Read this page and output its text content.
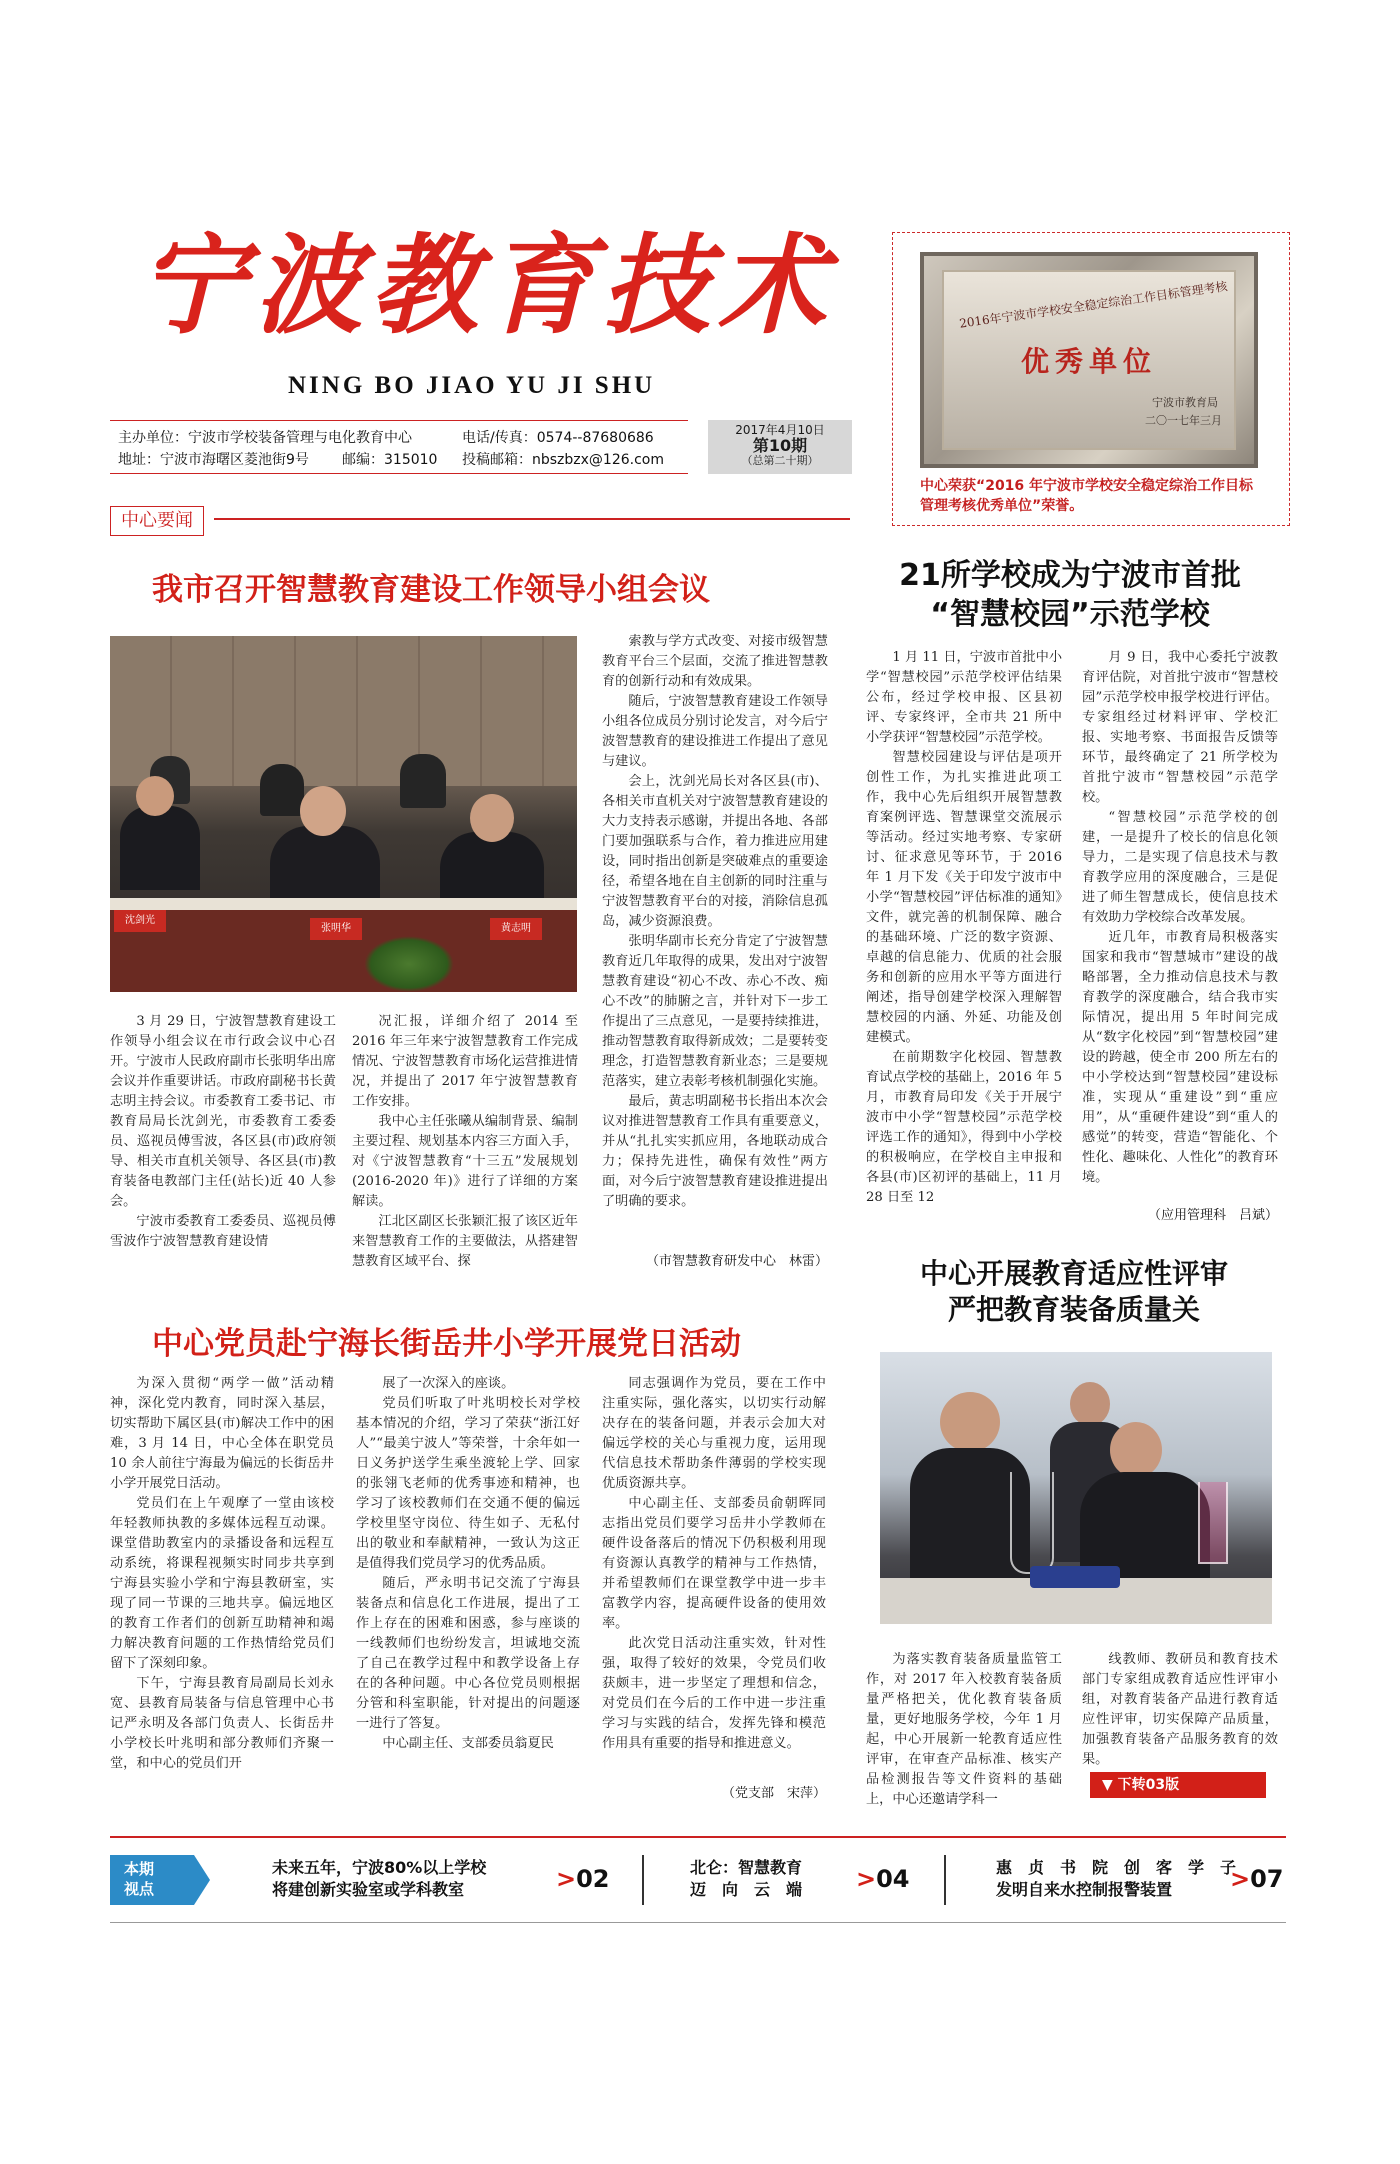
宁波教育技术
NING BO JIAO YU JI SHU
主办单位：宁波市学校装备管理与电化教育中心
地址：宁波市海曙区菱池街9号 邮编：315010
电话/传真：0574--87680686
投稿邮箱：nbszbzx@126.com
2017年4月10日
第10期
（总第二十期）
2016年宁波市学校安全稳定综治工作目标管理考核
优秀单位
宁波市教育局
二〇一七年三月
中心荣获“2016 年宁波市学校安全稳定综治工作目标管理考核优秀单位”荣誉。
中心要闻
我市召开智慧教育建设工作领导小组会议
沈剑光
张明华	黄志明

3 月 29 日，宁波智慧教育建设工作领导小组会议在市行政会议中心召开。宁波市人民政府副市长张明华出席会议并作重要讲话。市政府副秘书长黄志明主持会议。市委教育工委书记、市教育局局长沈剑光，市委教育工委委员、巡视员傅雪波，各区县(市)政府领导、相关市直机关领导、各区县(市)教育装备电教部门主任(站长)近 40 人参会。

宁波市委教育工委委员、巡视员傅雪波作宁波智慧教育建设情

况汇报，详细介绍了 2014 至 2016 年三年来宁波智慧教育工作完成情况、宁波智慧教育市场化运营推进情况，并提出了 2017 年宁波智慧教育工作安排。

我中心主任张曦从编制背景、编制主要过程、规划基本内容三方面入手，对《宁波智慧教育“十三五”发展规划(2016-2020 年)》进行了详细的方案解读。

江北区副区长张颖汇报了该区近年来智慧教育工作的主要做法，从搭建智慧教育区域平台、探

索教与学方式改变、对接市级智慧教育平台三个层面，交流了推进智慧教育的创新行动和有效成果。

随后，宁波智慧教育建设工作领导小组各位成员分别讨论发言，对今后宁波智慧教育的建设推进工作提出了意见与建议。

会上，沈剑光局长对各区县(市)、各相关市直机关对宁波智慧教育建设的大力支持表示感谢，并提出各地、各部门要加强联系与合作，着力推进应用建设，同时指出创新是突破难点的重要途径，希望各地在自主创新的同时注重与宁波智慧教育平台的对接，消除信息孤岛，减少资源浪费。

张明华副市长充分肯定了宁波智慧教育近几年取得的成果，发出对宁波智慧教育建设“初心不改、赤心不改、痴心不改”的肺腑之言，并针对下一步工作提出了三点意见，一是要持续推进，推动智慧教育取得新成效；二是要转变理念，打造智慧教育新业态；三是要规范落实，建立表彰考核机制强化实施。

最后，黄志明副秘书长指出本次会议对推进智慧教育工作具有重要意义，并从“扎扎实实抓应用，各地联动成合力；保持先进性，确保有效性”两方面，对今后宁波智慧教育建设推进提出了明确的要求。

（市智慧教育研发中心　林雷）
21所学校成为宁波市首批
“智慧校园”示范学校

1 月 11 日，宁波市首批中小学“智慧校园”示范学校评估结果公布，经过学校申报、区县初评、专家终评，全市共 21 所中小学获评“智慧校园”示范学校。

智慧校园建设与评估是项开创性工作，为扎实推进此项工作，我中心先后组织开展智慧教育案例评选、智慧课堂交流展示等活动。经过实地考察、专家研讨、征求意见等环节，于 2016 年 1 月下发《关于印发宁波市中小学“智慧校园”评估标准的通知》文件，就完善的机制保障、融合的基础环境、广泛的数字资源、卓越的信息能力、优质的社会服务和创新的应用水平等方面进行阐述，指导创建学校深入理解智慧校园的内涵、外延、功能及创建模式。

在前期数字化校园、智慧教育试点学校的基础上，2016 年 5 月，市教育局印发《关于开展宁波市中小学“智慧校园”示范学校评选工作的通知》，得到中小学校的积极响应，在学校自主申报和各县(市)区初评的基础上，11 月 28 日至 12

月 9 日，我中心委托宁波教育评估院，对首批宁波市“智慧校园”示范学校申报学校进行评估。专家组经过材料评审、学校汇报、实地考察、书面报告反馈等环节，最终确定了 21 所学校为首批宁波市“智慧校园”示范学校。

“智慧校园”示范学校的创建，一是提升了校长的信息化领导力，二是实现了信息技术与教育教学应用的深度融合，三是促进了师生智慧成长，使信息技术有效助力学校综合改革发展。

近几年，市教育局积极落实国家和我市“智慧城市”建设的战略部署，全力推动信息技术与教育教学的深度融合，结合我市实际情况，提出用 5 年时间完成从“数字化校园”到“智慧校园”建设的跨越，使全市 200 所左右的中小学校达到“智慧校园”建设标准，实现从“重建设”到“重应用”，从“重硬件建设”到“重人的感觉”的转变，营造“智能化、个性化、趣味化、人性化”的教育环境。

（应用管理科　吕斌）
中心党员赴宁海长街岳井小学开展党日活动

为深入贯彻“两学一做”活动精神，深化党内教育，同时深入基层，切实帮助下属区县(市)解决工作中的困难，3 月 14 日，中心全体在职党员 10 余人前往宁海最为偏远的长街岳井小学开展党日活动。

党员们在上午观摩了一堂由该校年轻教师执教的多媒体远程互动课。课堂借助教室内的录播设备和远程互动系统，将课程视频实时同步共享到宁海县实验小学和宁海县教研室，实现了同一节课的三地共享。偏远地区的教育工作者们的创新互助精神和竭力解决教育问题的工作热情给党员们留下了深刻印象。

下午，宁海县教育局副局长刘永宽、县教育局装备与信息管理中心书记严永明及各部门负责人、长街岳井小学校长叶兆明和部分教师们齐聚一堂，和中心的党员们开

展了一次深入的座谈。

党员们听取了叶兆明校长对学校基本情况的介绍，学习了荣获“浙江好人”“最美宁波人”等荣誉，十余年如一日义务护送学生乘坐渡轮上学、回家的张翎飞老师的优秀事迹和精神，也学习了该校教师们在交通不便的偏远学校里坚守岗位、待生如子、无私付出的敬业和奉献精神，一致认为这正是值得我们党员学习的优秀品质。

随后，严永明书记交流了宁海县装备点和信息化工作进展，提出了工作上存在的困难和困惑，参与座谈的一线教师们也纷纷发言，坦诚地交流了自己在教学过程中和教学设备上存在的各种问题。中心各位党员则根据分管和科室职能，针对提出的问题逐一进行了答复。

中心副主任、支部委员翁夏民

同志强调作为党员，要在工作中注重实际，强化落实，以切实行动解决存在的装备问题，并表示会加大对偏远学校的关心与重视力度，运用现代信息技术帮助条件薄弱的学校实现优质资源共享。

中心副主任、支部委员俞朝晖同志指出党员们要学习岳井小学教师在硬件设备落后的情况下仍积极利用现有资源认真教学的精神与工作热情，并希望教师们在课堂教学中进一步丰富教学内容，提高硬件设备的使用效率。

此次党日活动注重实效，针对性强，取得了较好的效果，令党员们收获颇丰，进一步坚定了理想和信念，对党员们在今后的工作中进一步注重学习与实践的结合，发挥先锋和模范作用具有重要的指导和推进意义。

（党支部　宋萍）
中心开展教育适应性评审
严把教育装备质量关

为落实教育装备质量监管工作，对 2017 年入校教育装备质量严格把关，优化教育装备质量，更好地服务学校，今年 1 月起，中心开展新一轮教育适应性评审，在审查产品标准、核实产品检测报告等文件资料的基础上，中心还邀请学科一

线教师、教研员和教育技术部门专家组成教育适应性评审小组，对教育装备产品进行教育适应性评审，切实保障产品质量，加强教育装备产品服务教育的效果。

▼ 下转03版
本期
视点
未来五年，宁波80%以上学校
将建创新实验室或学科教室	>02	北仑：智慧教育
迈　向　云　端 >04	惠　贞　书　院　创　客　学　子
发明自来水控制报警装置	>07
